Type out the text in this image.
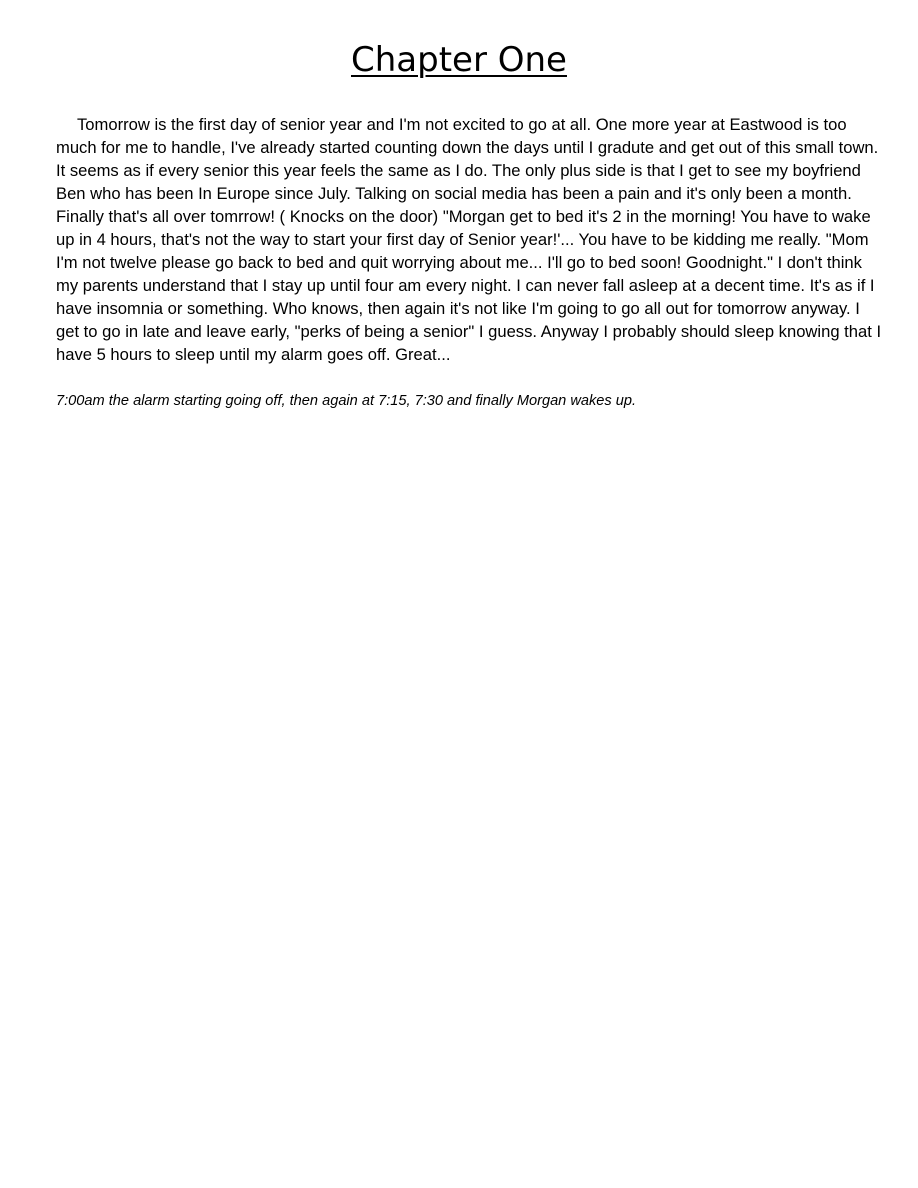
Chapter One

Tomorrow is the first day of senior year and I'm not excited to go at all. One more year at Eastwood is too much for me to handle, I've already started counting down the days until I gradute and get out of this small town. It seems as if every senior this year feels the same as I do. The only plus side is that I get to see my boyfriend Ben who has been In Europe since July. Talking on social media has been a pain and it's only been a month. Finally that's all over tomrrow! ( Knocks on the door) "Morgan get to bed it's 2 in the morning! You have to wake up in 4 hours, that's not the way to start your first day of Senior year!'... You have to be kidding me really. "Mom I'm not twelve please go back to bed and quit worrying about me... I'll go to bed soon! Goodnight." I don't think my parents understand that I stay up until four am every night. I can never fall asleep at a decent time. It's as if I have insomnia or something. Who knows, then again it's not like I'm going to go all out for tomorrow anyway. I get to go in late and leave early, "perks of being a senior" I guess. Anyway I probably should sleep knowing that I have 5 hours to sleep until my alarm goes off. Great...

7:00am the alarm starting going off, then again at 7:15, 7:30 and finally Morgan wakes up.
